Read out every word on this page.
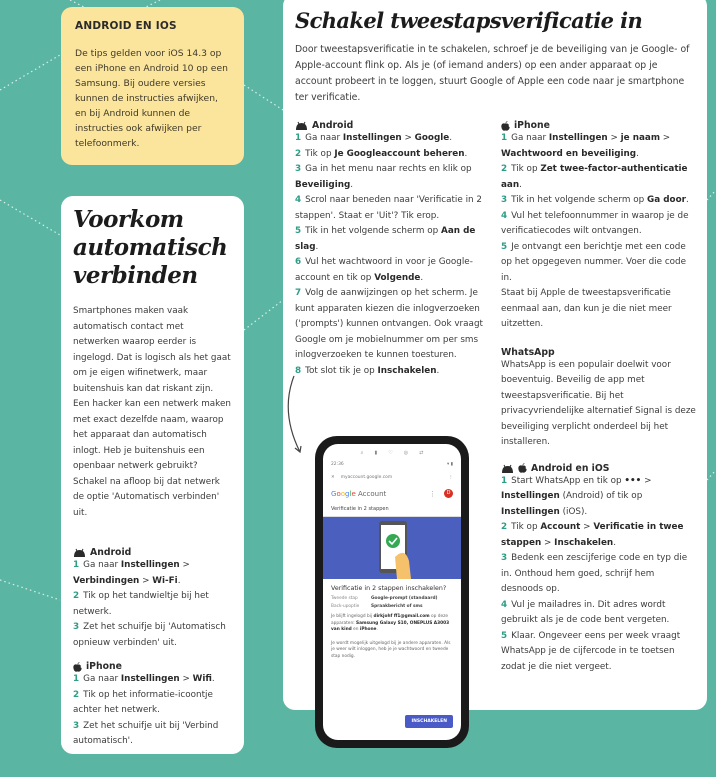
ANDROID EN IOS

De tips gelden voor iOS 14.3 op een iPhone en Android 10 op een Samsung. Bij oudere versies kunnen de instructies afwijken, en bij Android kunnen de instructies ook afwijken per telefoonmerk.

Voorkom automatisch verbinden

Smartphones maken vaak automatisch contact met netwerken waarop eerder is ingelogd. Dat is logisch als het gaat om je eigen wifinetwerk, maar buitenshuis kan dat riskant zijn. Een hacker kan een netwerk maken met exact dezelfde naam, waarop het apparaat dan automatisch inlogt. Heb je buitenshuis een openbaar netwerk gebruikt? Schakel na afloop bij dat netwerk de optie 'Automatisch verbinden' uit.

Android

1 Ga naar Instellingen > Verbindingen > Wi-Fi.

2 Tik op het tandwieltje bij het netwerk.

3 Zet het schuifje bij 'Automatisch opnieuw verbinden' uit.

iPhone

1 Ga naar Instellingen > Wifi.

2 Tik op het informatie-icoontje achter het netwerk.

3 Zet het schuifje uit bij 'Verbind automatisch'.

Schakel tweestapsverificatie in

Door tweestapsverificatie in te schakelen, schroef je de beveiliging van je Google- of Apple-account flink op. Als je (of iemand anders) op een ander apparaat op je account probeert in te loggen, stuurt Google of Apple een code naar je smartphone ter verificatie.

Android

1 Ga naar Instellingen > Google.

2 Tik op Je Googleaccount beheren.

3 Ga in het menu naar rechts en klik op Beveiliging.

4 Scrol naar beneden naar 'Verificatie in 2 stappen'. Staat er 'Uit'? Tik erop.

5 Tik in het volgende scherm op Aan de slag.

6 Vul het wachtwoord in voor je Google-account en tik op Volgende.

7 Volg de aanwijzingen op het scherm. Je kunt apparaten kiezen die inlogverzoeken ('prompts') kunnen ontvangen. Ook vraagt Google om je mobielnummer om per sms inlogverzoeken te kunnen toesturen.

8 Tot slot tik je op Inschakelen.

iPhone

1 Ga naar Instellingen > je naam > Wachtwoord en beveiliging.

2 Tik op Zet twee-factor-authenticatie aan.

3 Tik in het volgende scherm op Ga door.

4 Vul het telefoonnummer in waarop je de verificatiecodes wilt ontvangen.

5 Je ontvangt een berichtje met een code op het opgegeven nummer. Voer die code in.

Staat bij Apple de tweestapsverificatie eenmaal aan, dan kun je die niet meer uitzetten.

WhatsApp

WhatsApp is een populair doelwit voor boeventuig. Beveilig de app met tweestapsverificatie. Bij het privacyvriendelijke alternatief Signal is deze beveiliging verplicht onderdeel bij het installeren.

Android en iOS

1 Start WhatsApp en tik op ••• > Instellingen (Android) of tik op Instellingen (iOS).

2 Tik op Account > Verificatie in twee stappen > Inschakelen.

3 Bedenk een zescijferige code en typ die in. Onthoud hem goed, schrijf hem desnoods op.

4 Vul je mailadres in. Dit adres wordt gebruikt als je de code bent vergeten.

5 Klaar. Ongeveer eens per week vraagt WhatsApp je de cijfercode in te toetsen zodat je die niet vergeet.

⌕ ▮ ♡ ◎ ⇄
22:36	▾ ▮
✕ myaccount.google.com	⋮
Google Account	⋮	D
Verificatie in 2 stappen
Verificatie in 2 stappen inschakelen?
Tweede stap	Google-prompt (standaard)
Back-upoptie	Spraakbericht of sms
Je blijft ingelogd bij dirkjohf ff1@gmail.com op deze apparaten: Samsung Galaxy S10, ONEPLUS A3003 van kind en iPhone.
Je wordt mogelijk uitgelogd bij je andere apparaten. Als je weer wilt inloggen, heb je je wachtwoord en tweede stap nodig.
INSCHAKELEN
